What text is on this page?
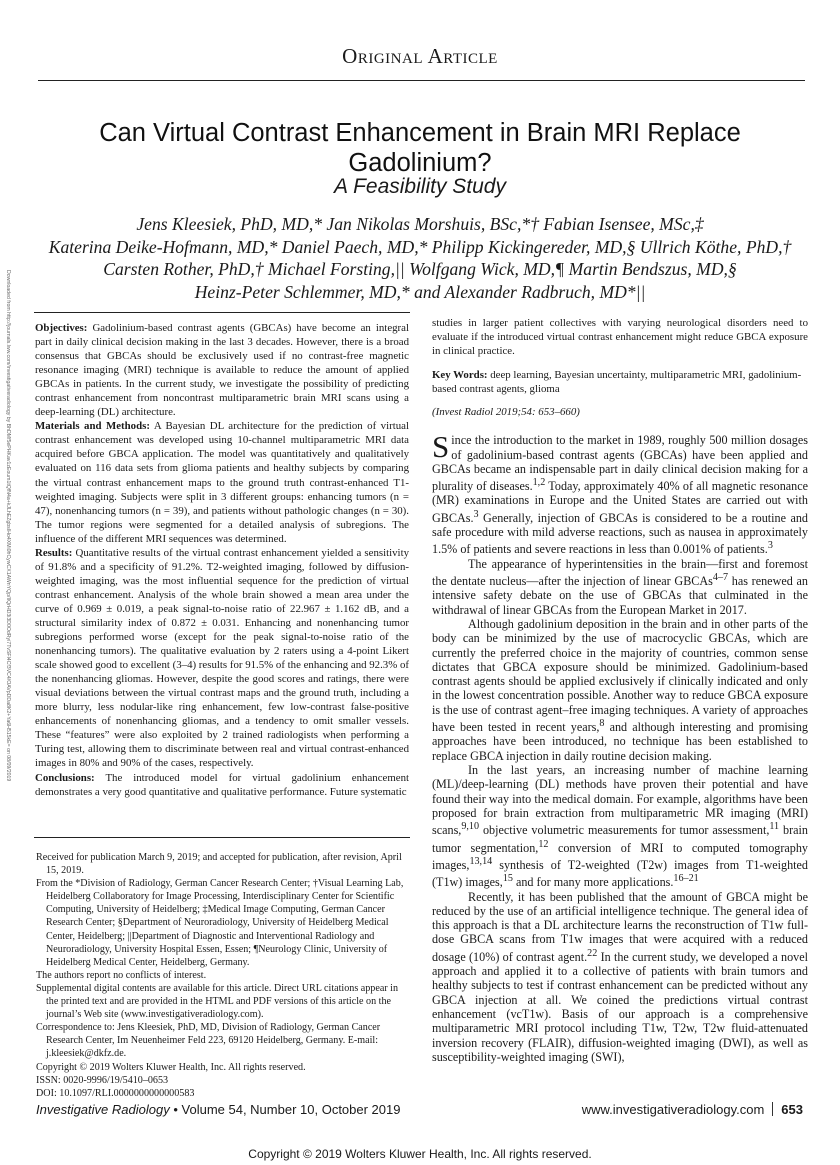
Original Article
Can Virtual Contrast Enhancement in Brain MRI Replace Gadolinium?
A Feasibility Study
Jens Kleesiek, PhD, MD,* Jan Nikolas Morshuis, BSc,*† Fabian Isensee, MSc,‡
Katerina Deike-Hofmann, MD,* Daniel Paech, MD,* Philipp Kickingereder, MD,§ Ullrich Köthe, PhD,†
Carsten Rother, PhD,† Michael Forsting,|| Wolfgang Wick, MD,¶ Martin Bendszus, MD,§
Heinz-Peter Schlemmer, MD,* and Alexander Radbruch, MD*||
Downloaded from http://journals.lww.com/investigativeradiology by BhDMf5ePHKav1zEoum1tQfN4a+kJLhEZgbsIHo4XMi0hCywCX1AWnYQp/IlQrHD3i3D0OdRyi7TvSFl4Cf3VC4/OAVpDDa8K2+Ya6H515kE= on 08/09/2019 Objectives: Gadolinium-based contrast agents (GBCAs) have become an integral part in daily clinical decision making in the last 3 decades. However, there is a broad consensus that GBCAs should be exclusively used if no contrast-free magnetic resonance imaging (MRI) technique is available to reduce the amount of applied GBCAs in patients. In the current study, we investigate the possibility of predicting contrast enhancement from noncontrast multiparametric brain MRI scans using a deep-learning (DL) architecture.

Materials and Methods: A Bayesian DL architecture for the prediction of virtual contrast enhancement was developed using 10-channel multiparametric MRI data acquired before GBCA application. The model was quantitatively and qualitatively evaluated on 116 data sets from glioma patients and healthy subjects by comparing the virtual contrast enhancement maps to the ground truth contrast-enhanced T1-weighted imaging. Subjects were split in 3 different groups: enhancing tumors (n = 47), nonenhancing tumors (n = 39), and patients without pathologic changes (n = 30). The tumor regions were segmented for a detailed analysis of subregions. The influence of the different MRI sequences was determined.

Results: Quantitative results of the virtual contrast enhancement yielded a sensitivity of 91.8% and a specificity of 91.2%. T2-weighted imaging, followed by diffusion-weighted imaging, was the most influential sequence for the prediction of virtual contrast enhancement. Analysis of the whole brain showed a mean area under the curve of 0.969 ± 0.019, a peak signal-to-noise ratio of 22.967 ± 1.162 dB, and a structural similarity index of 0.872 ± 0.031. Enhancing and nonenhancing tumor subregions performed worse (except for the peak signal-to-noise ratio of the nonenhancing tumors). The qualitative evaluation by 2 raters using a 4-point Likert scale showed good to excellent (3–4) results for 91.5% of the enhancing and 92.3% of the nonenhancing gliomas. However, despite the good scores and ratings, there were visual deviations between the virtual contrast maps and the ground truth, including a more blurry, less nodular-like ring enhancement, few low-contrast false-positive enhancements of nonenhancing gliomas, and a tendency to omit smaller vessels. These “features” were also exploited by 2 trained radiologists when performing a Turing test, allowing them to discriminate between real and virtual contrast-enhanced images in 80% and 90% of the cases, respectively.

Conclusions: The introduced model for virtual gadolinium enhancement demonstrates a very good quantitative and qualitative performance. Future systematic

Received for publication March 9, 2019; and accepted for publication, after revision, April 15, 2019.

From the *Division of Radiology, German Cancer Research Center; †Visual Learning Lab, Heidelberg Collaboratory for Image Processing, Interdisciplinary Center for Scientific Computing, University of Heidelberg; ‡Medical Image Computing, German Cancer Research Center; §Department of Neuroradiology, University of Heidelberg Medical Center, Heidelberg; ||Department of Diagnostic and Interventional Radiology and Neuroradiology, University Hospital Essen, Essen; ¶Neurology Clinic, University of Heidelberg Medical Center, Heidelberg, Germany.

The authors report no conflicts of interest.

Supplemental digital contents are available for this article. Direct URL citations appear in the printed text and are provided in the HTML and PDF versions of this article on the journal’s Web site (www.investigativeradiology.com).

Correspondence to: Jens Kleesiek, PhD, MD, Division of Radiology, German Cancer Research Center, Im Neuenheimer Feld 223, 69120 Heidelberg, Germany. E-mail: j.kleesiek@dkfz.de.

Copyright © 2019 Wolters Kluwer Health, Inc. All rights reserved.

ISSN: 0020-9996/19/5410–0653

DOI: 10.1097/RLI.0000000000000583

studies in larger patient collectives with varying neurological disorders need to evaluate if the introduced virtual contrast enhancement might reduce GBCA exposure in clinical practice.

Key Words: deep learning, Bayesian uncertainty, multiparametric MRI, gadolinium-based contrast agents, glioma

(Invest Radiol 2019;54: 653–660)

Since the introduction to the market in 1989, roughly 500 million dosages of gadolinium-based contrast agents (GBCAs) have been applied and GBCAs became an indispensable part in daily clinical decision making for a plurality of diseases.$^{1,2}$ Today, approximately 40% of all magnetic resonance (MR) examinations in Europe and the United States are carried out with GBCAs.$^3$ Generally, injection of GBCAs is considered to be a routine and safe procedure with mild adverse reactions, such as nausea in approximately 1.5% of patients and severe reactions in less than 0.001% of patients.$^3$

The appearance of hyperintensities in the brain—first and foremost the dentate nucleus—after the injection of linear GBCAs$^{4-7}$ has renewed an intensive safety debate on the use of GBCAs that culminated in the withdrawal of linear GBCAs from the European Market in 2017.

Although gadolinium deposition in the brain and in other parts of the body can be minimized by the use of macrocyclic GBCAs, which are currently the preferred choice in the majority of countries, common sense dictates that GBCA exposure should be minimized. Gadolinium-based contrast agents should be applied exclusively if clinically indicated and only in the lowest concentration possible. Another way to reduce GBCA exposure is the use of contrast agent–free imaging techniques. A variety of approaches have been tested in recent years,$^8$ and although interesting and promising approaches have been introduced, no technique has been established to replace GBCA injection in daily routine decision making.

In the last years, an increasing number of machine learning (ML)/deep-learning (DL) methods have proven their potential and have found their way into the medical domain. For example, algorithms have been proposed for brain extraction from multiparametric MR imaging (MRI) scans,$^{9,10}$ objective volumetric measurements for tumor assessment,$^{11}$ brain tumor segmentation,$^{12}$ conversion of MRI to computed tomography images,$^{13,14}$ synthesis of T2-weighted (T2w) images from T1-weighted (T1w) images,$^{15}$ and for many more applications.$^{16-21}$

Recently, it has been published that the amount of GBCA might be reduced by the use of an artificial intelligence technique. The general idea of this approach is that a DL architecture learns the reconstruction of T1w full-dose GBCA scans from T1w images that were acquired with a reduced dosage (10%) of contrast agent.$^{22}$ In the current study, we developed a novel approach and applied it to a collective of patients with brain tumors and healthy subjects to test if contrast enhancement can be predicted without any GBCA injection at all. We coined the predictions virtual contrast enhancement (vcT1w). Basis of our approach is a comprehensive multiparametric MRI protocol including T1w, T2w, T2w fluid-attenuated inversion recovery (FLAIR), diffusion-weighted imaging (DWI), as well as susceptibility-weighted imaging (SWI),

Investigative Radiology • Volume 54, Number 10, October 2019	www.investigativeradiology.com 653
Copyright © 2019 Wolters Kluwer Health, Inc. All rights reserved.
